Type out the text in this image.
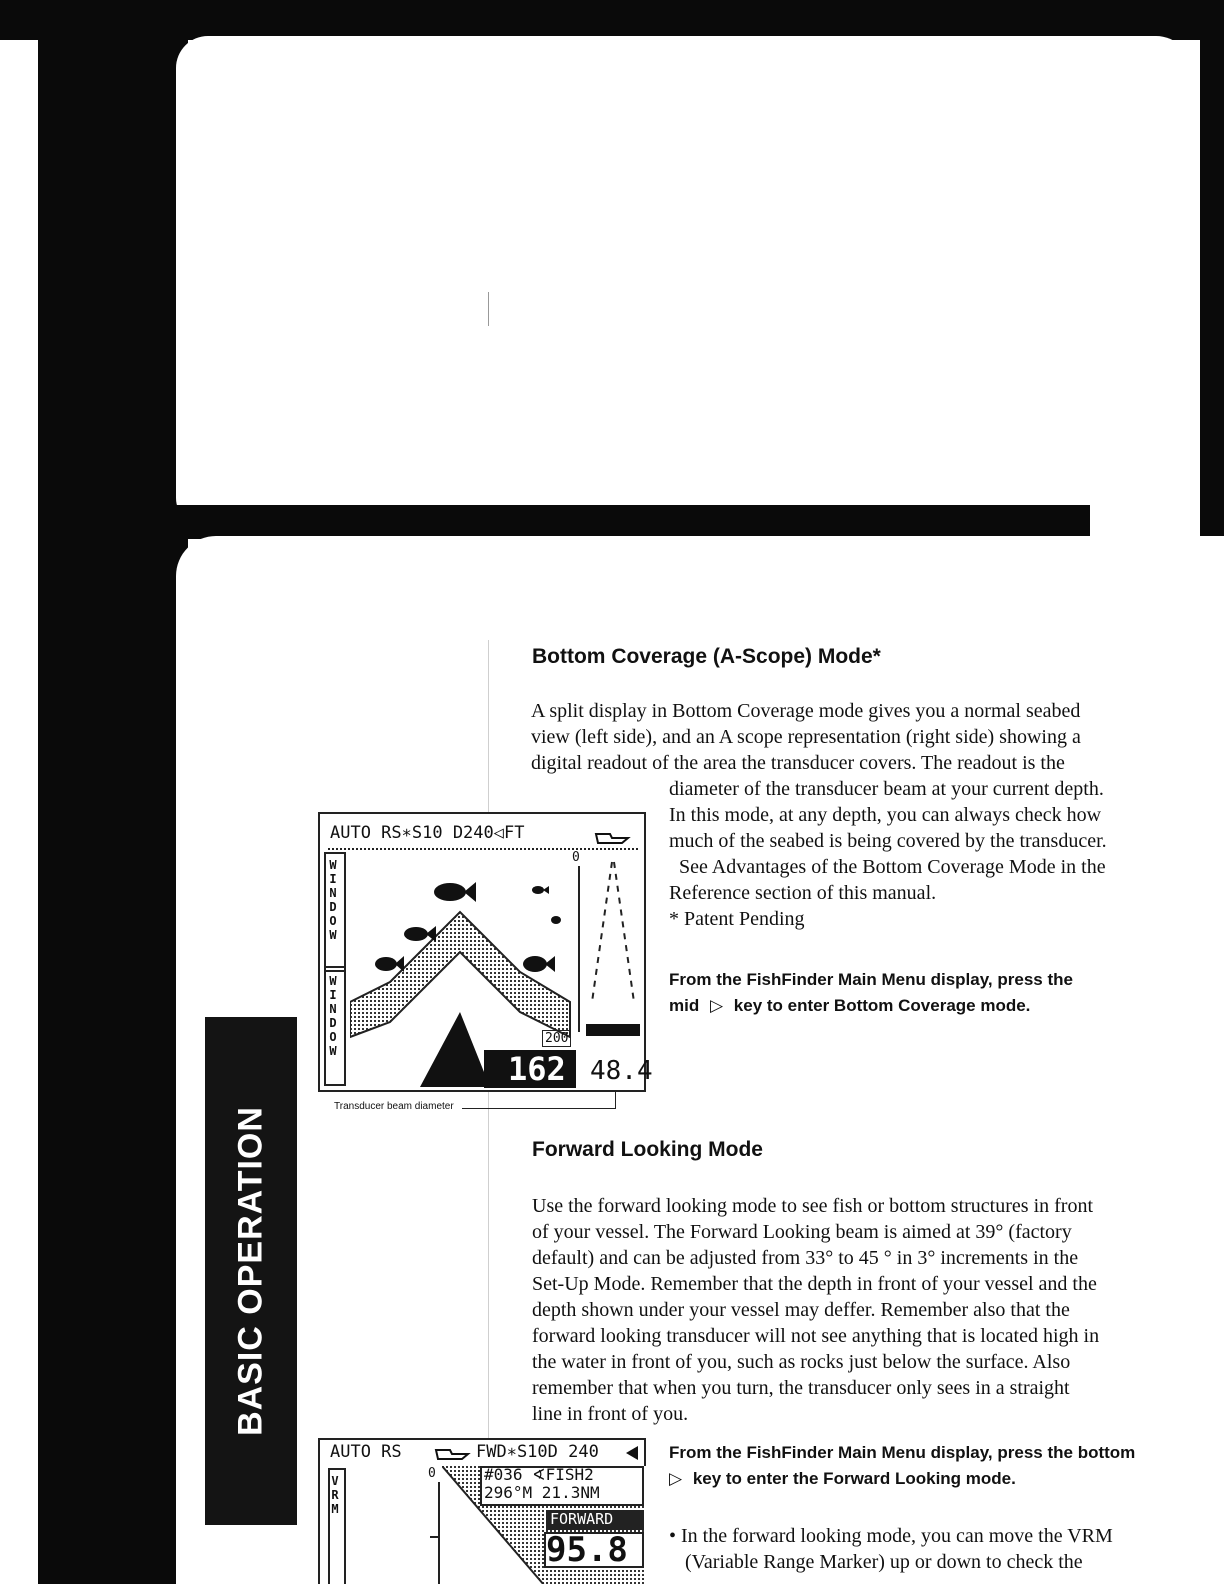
BASIC OPERATION
Bottom Coverage (A-Scope) Mode*
A split display in Bottom Coverage mode gives you a normal seabed
view (left side), and an A scope representation (right side) showing a
digital readout of the area the transducer covers. The readout is the
diameter of the transducer beam at your current depth.
In this mode, at any depth, you can always check how
much of the seabed is being covered by the transducer.
See Advantages of the Bottom Coverage Mode in the
Reference section of this manual.
* Patent Pending
From the FishFinder Main Menu display, press the
mid ▷ key to enter Bottom Coverage mode.
AUTO RS∗S10 D240◁FT
WINDOW
WINDOW
0
200
162 48.4
Transducer beam diameter
Forward Looking Mode
Use the forward looking mode to see fish or bottom structures in front
of your vessel. The Forward Looking beam is aimed at 39° (factory
default) and can be adjusted from 33° to 45 ° in 3° increments in the
Set-Up Mode. Remember that the depth in front of your vessel and the
depth shown under your vessel may deffer. Remember also that the
forward looking transducer will not see anything that is located high in
the water in front of you, such as rocks just below the surface. Also
remember that when you turn, the transducer only sees in a straight
line in front of you.
From the FishFinder Main Menu display, press the bottom
▷ key to enter the Forward Looking mode.
• In the forward looking mode, you can move the VRM
(Variable Range Marker) up or down to check the
AUTO RS	FWD∗S10D 240
VRM
0	#036 ∢FISH2
296°M 21.3NM
FORWARD
95.8
